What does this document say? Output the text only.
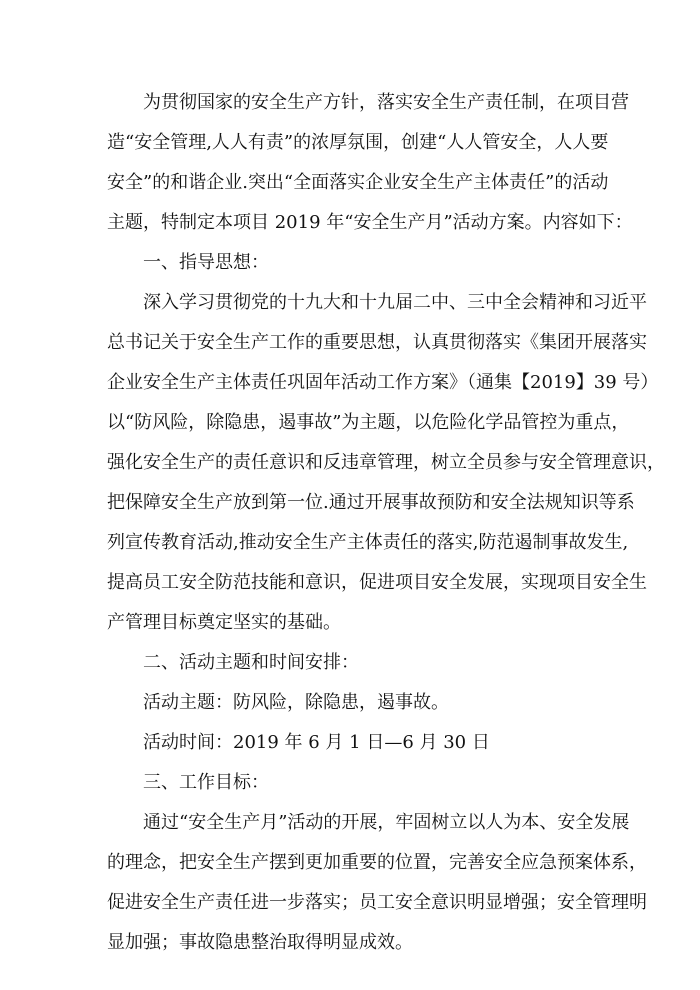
为贯彻国家的安全生产方针，落实安全生产责任制，在项目营
造“安全管理,人人有责”的浓厚氛围，创建“人人管安全，人人要
安全”的和谐企业.突出“全面落实企业安全生产主体责任”的活动
主题，特制定本项目 2019 年“安全生产月”活动方案。内容如下：
一、指导思想：
深入学习贯彻党的十九大和十九届二中、三中全会精神和习近平
总书记关于安全生产工作的重要思想，认真贯彻落实《集团开展落实
企业安全生产主体责任巩固年活动工作方案》（通集【2019】39 号）
以“防风险，除隐患，遏事故”为主题，以危险化学品管控为重点，
强化安全生产的责任意识和反违章管理，树立全员参与安全管理意识，
把保障安全生产放到第一位.通过开展事故预防和安全法规知识等系
列宣传教育活动,推动安全生产主体责任的落实,防范遏制事故发生,
提高员工安全防范技能和意识，促进项目安全发展，实现项目安全生
产管理目标奠定坚实的基础。
二、活动主题和时间安排：
活动主题：防风险，除隐患，遏事故。
活动时间：2019 年 6 月 1 日—6 月 30 日
三、工作目标：
通过“安全生产月”活动的开展，牢固树立以人为本、安全发展
的理念，把安全生产摆到更加重要的位置，完善安全应急预案体系，
促进安全生产责任进一步落实；员工安全意识明显增强；安全管理明
显加强；事故隐患整治取得明显成效。
